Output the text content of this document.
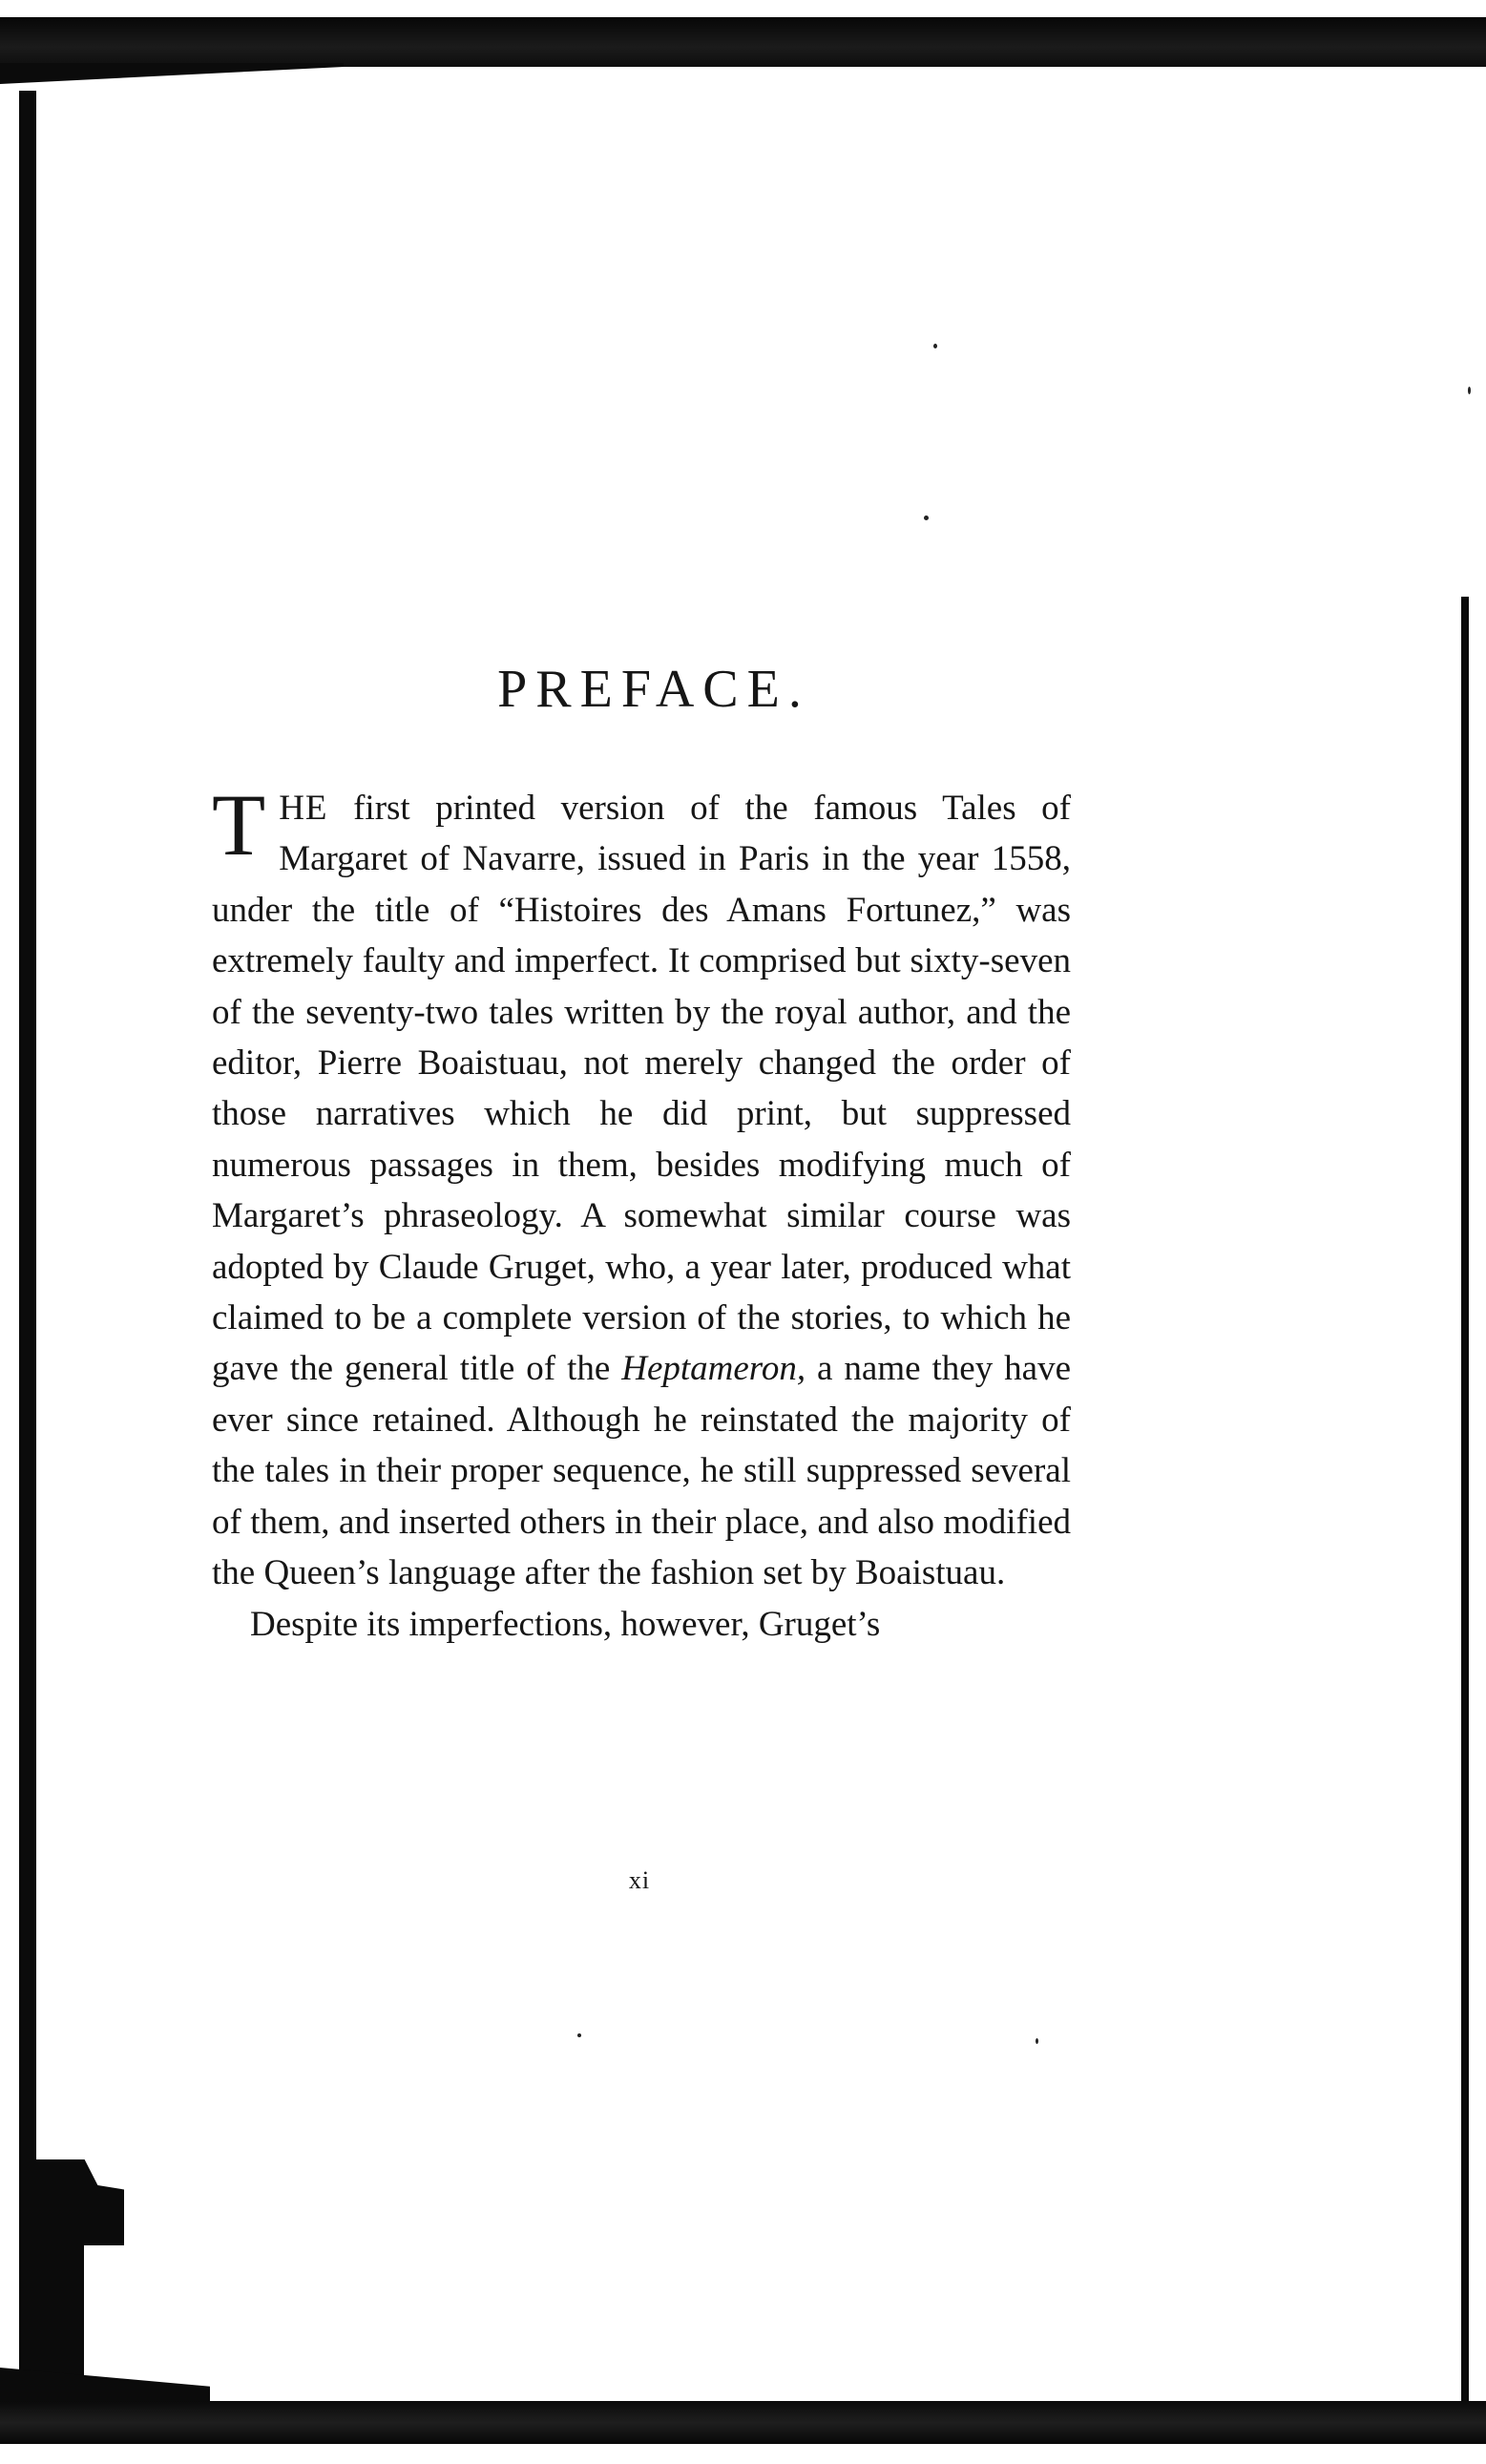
PREFACE.

THE first printed version of the famous Tales of Margaret of Navarre, issued in Paris in the year 1558, under the title of “Histoires des Amans Fortunez,” was extremely faulty and imperfect. It comprised but sixty-seven of the seventy-two tales written by the royal author, and the editor, Pierre Boaistuau, not merely changed the order of those narratives which he did print, but suppressed numerous passages in them, besides modifying much of Margaret’s phraseology. A somewhat similar course was adopted by Claude Gruget, who, a year later, produced what claimed to be a complete version of the stories, to which he gave the general title of the Heptameron, a name they have ever since retained. Although he reinstated the majority of the tales in their proper sequence, he still suppressed several of them, and inserted others in their place, and also modified the Queen’s language after the fashion set by Boaistuau.

Despite its imperfections, however, Gruget’s

xi
